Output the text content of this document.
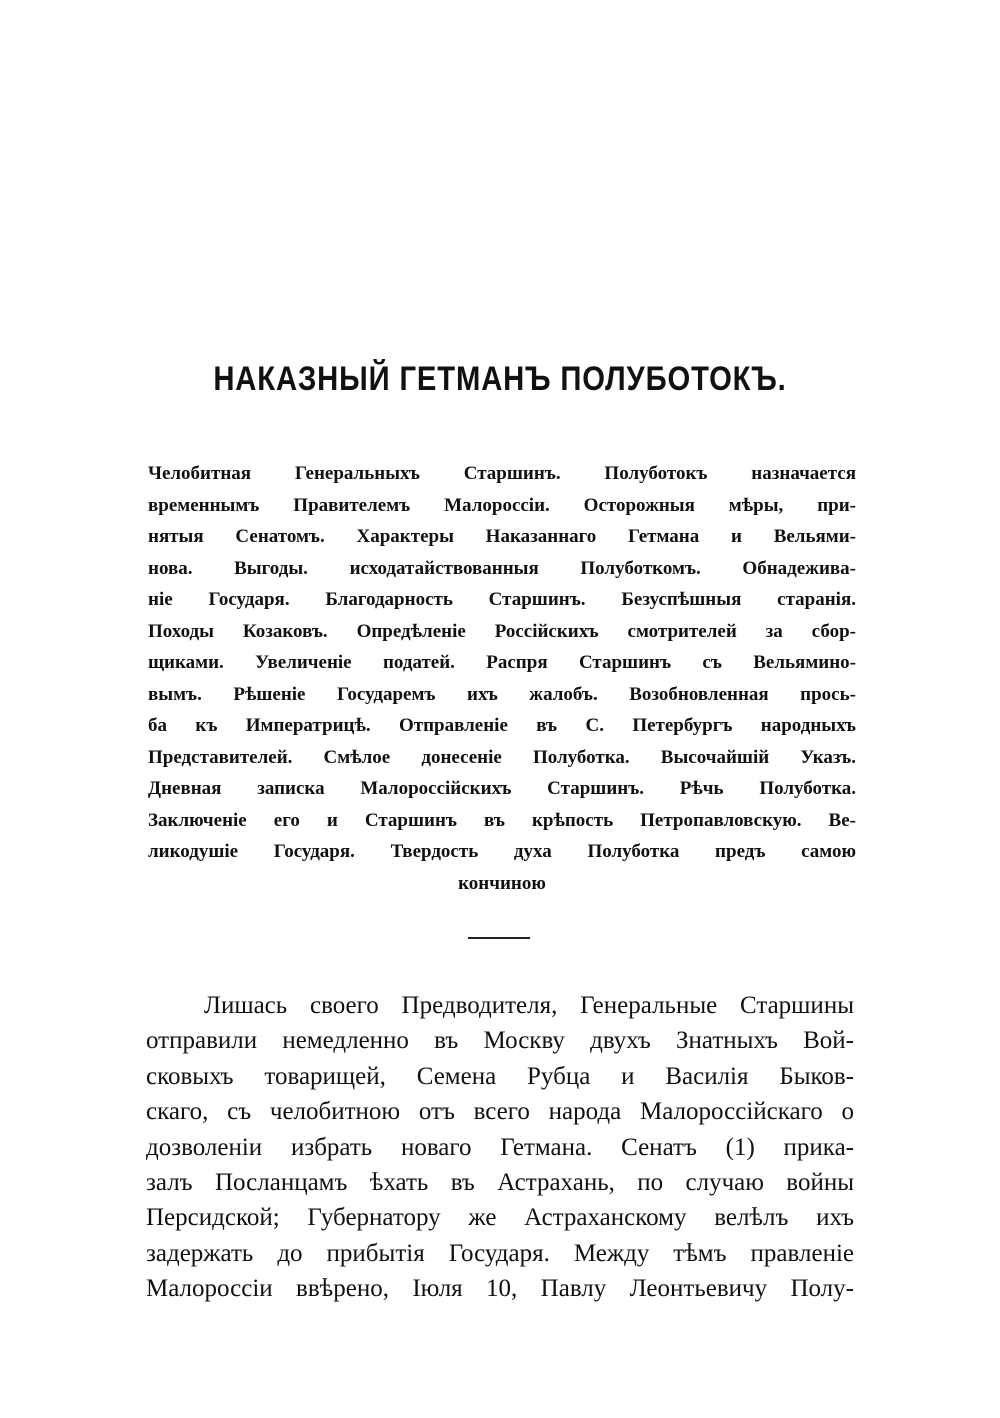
НАКАЗНЫЙ ГЕТМАНЪ ПОЛУБОТОКЪ.
Челобитная Генеральныхъ Старшинъ. Полуботокъ назначается
временнымъ Правителемъ Малороссіи. Осторожныя мѣры, при-
нятыя Сенатомъ. Характеры Наказаннаго Гетмана и Вельями-
нова. Выгоды. исходатайствованныя Полуботкомъ. Обнадежива-
ніе Государя. Благодарность Старшинъ. Безуспѣшныя старанія.
Походы Козаковъ. Опредѣленіе Россійскихъ смотрителей за сбор-
щиками. Увеличеніе податей. Распря Старшинъ съ Вельямино-
вымъ. Рѣшеніе Государемъ ихъ жалобъ. Возобновленная прось-
ба къ Императрицѣ. Отправленіе въ С. Петербургъ народныхъ
Представителей. Смѣлое донесеніе Полуботка. Высочайшій Указъ.
Дневная записка Малороссійскихъ Старшинъ. Рѣчь Полуботка.
Заключеніе его и Старшинъ въ крѣпость Петропавловскую. Ве-
ликодушіе Государя. Твердость духа Полуботка предъ самою
кончиною
Лишась своего Предводителя, Генеральные Старшины
отправили немедленно въ Москву двухъ Знатныхъ Вой-
сковыхъ товарищей, Семена Рубца и Василія Быков-
скаго, съ челобитною отъ всего народа Малороссійскаго о
дозволеніи избрать новаго Гетмана. Сенатъ (1) прика-
залъ Посланцамъ ѣхать въ Астрахань, по случаю войны
Персидской; Губернатору же Астраханскому велѣлъ ихъ
задержать до прибытія Государя. Между тѣмъ правленіе
Малороссіи ввѣрено, Іюля 10, Павлу Леонтьевичу Полу-
